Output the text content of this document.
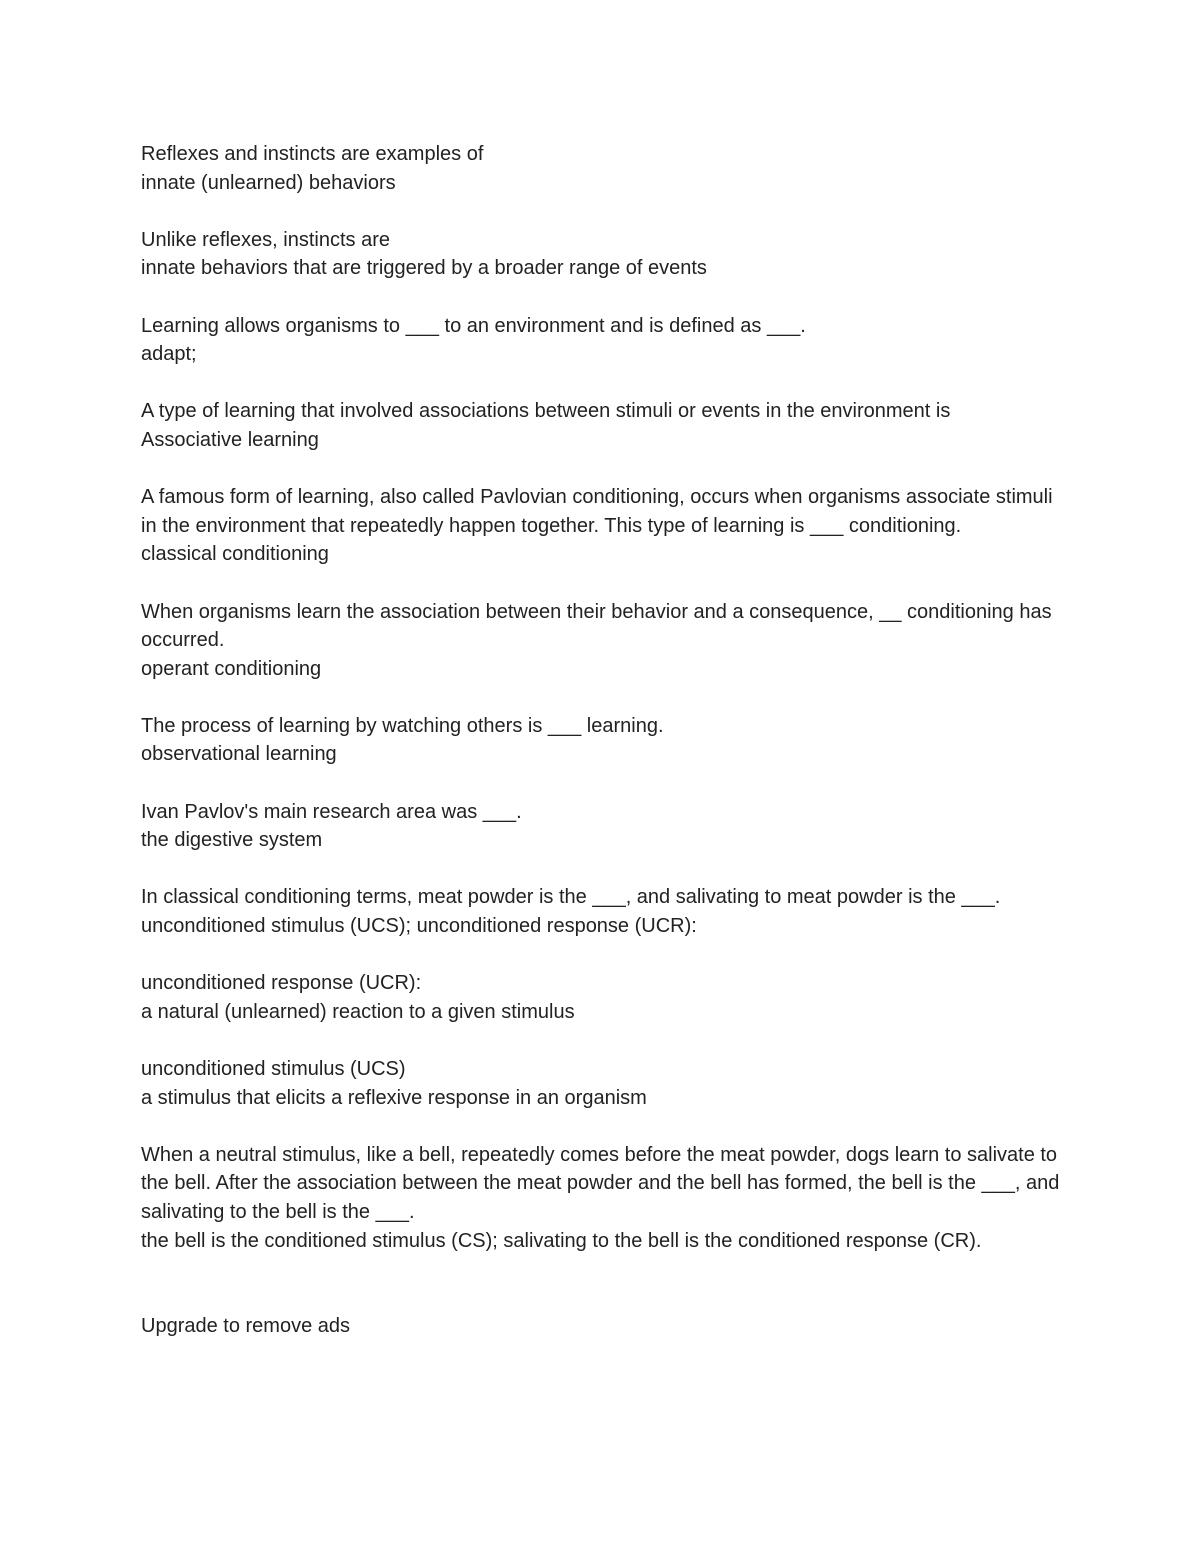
Reflexes and instincts are examples of
innate (unlearned) behaviors
Unlike reflexes, instincts are
innate behaviors that are triggered by a broader range of events
Learning allows organisms to ___ to an environment and is defined as ___.
adapt;
A type of learning that involved associations between stimuli or events in the environment is
Associative learning
A famous form of learning, also called Pavlovian conditioning, occurs when organisms associate stimuli in the environment that repeatedly happen together. This type of learning is ___ conditioning.
classical conditioning
When organisms learn the association between their behavior and a consequence, __ conditioning has occurred.
operant conditioning
The process of learning by watching others is ___ learning.
observational learning
Ivan Pavlov's main research area was ___.
the digestive system
In classical conditioning terms, meat powder is the ___, and salivating to meat powder is the ___.
unconditioned stimulus (UCS); unconditioned response (UCR):
unconditioned response (UCR):
a natural (unlearned) reaction to a given stimulus
unconditioned stimulus (UCS)
a stimulus that elicits a reflexive response in an organism
When a neutral stimulus, like a bell, repeatedly comes before the meat powder, dogs learn to salivate to the bell. After the association between the meat powder and the bell has formed, the bell is the ___, and salivating to the bell is the ___.
the bell is the conditioned stimulus (CS); salivating to the bell is the conditioned response (CR).
Upgrade to remove ads
